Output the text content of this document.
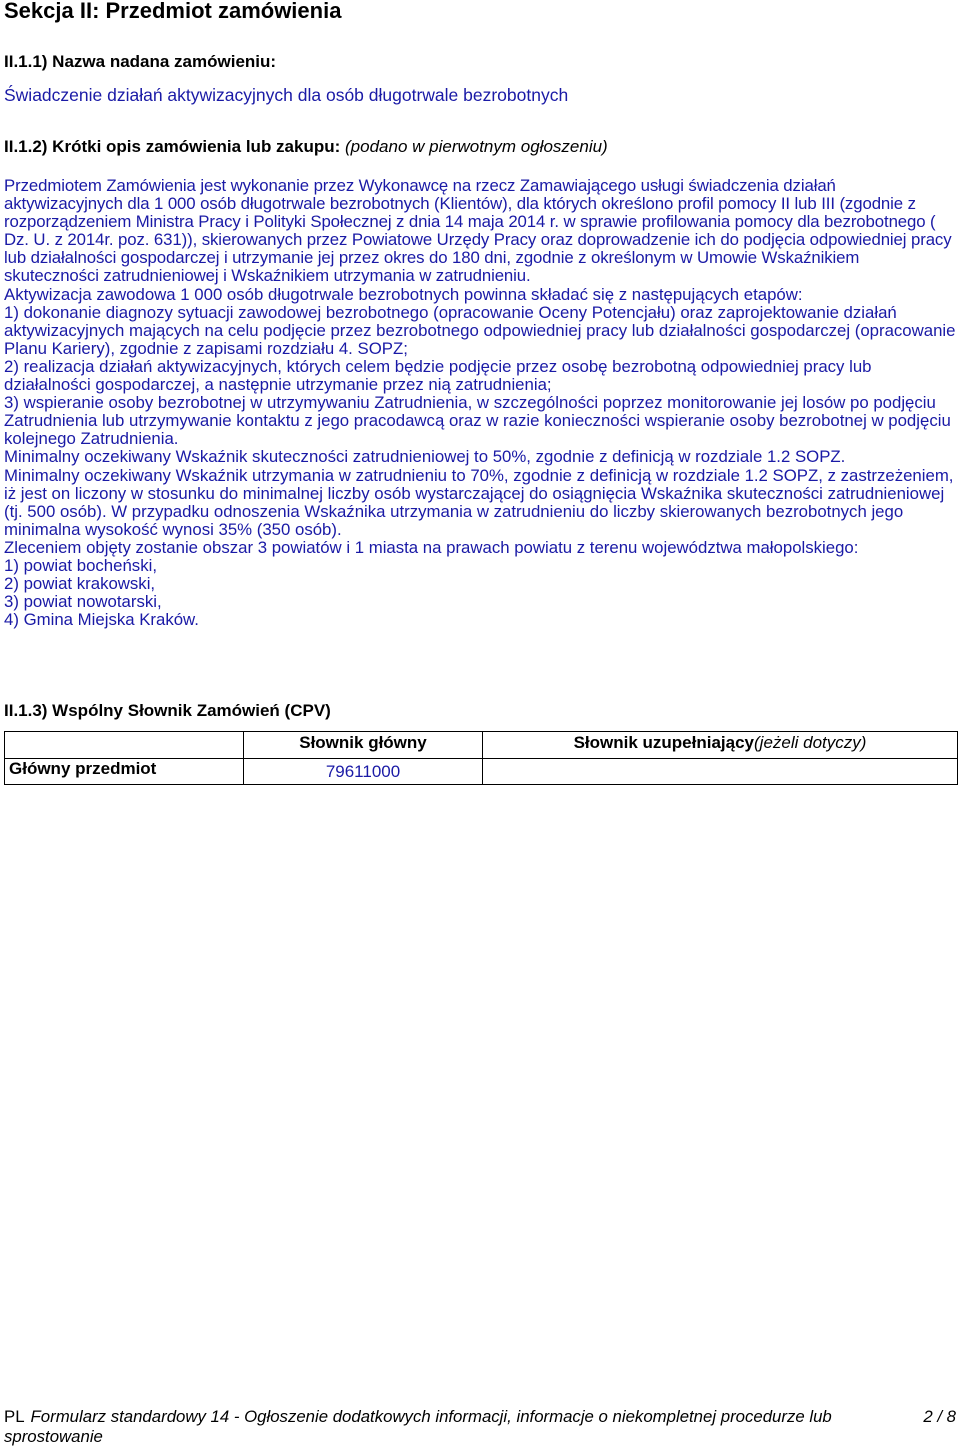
Sekcja II: Przedmiot zamówienia
II.1.1) Nazwa nadana zamówieniu:
Świadczenie działań aktywizacyjnych dla osób długotrwale bezrobotnych
II.1.2) Krótki opis zamówienia lub zakupu: (podano w pierwotnym ogłoszeniu)

Przedmiotem Zamówienia jest wykonanie przez Wykonawcę na rzecz Zamawiającego usługi świadczenia działań aktywizacyjnych dla 1 000 osób długotrwale bezrobotnych (Klientów), dla których określono profil pomocy II lub III (zgodnie z rozporządzeniem Ministra Pracy i Polityki Społecznej z dnia 14 maja 2014 r. w sprawie profilowania pomocy dla bezrobotnego ( Dz. U. z 2014r. poz. 631)), skierowanych przez Powiatowe Urzędy Pracy oraz doprowadzenie ich do podjęcia odpowiedniej pracy lub działalności gospodarczej i utrzymanie jej przez okres do 180 dni, zgodnie z określonym w Umowie Wskaźnikiem skuteczności zatrudnieniowej i Wskaźnikiem utrzymania w zatrudnieniu.

Aktywizacja zawodowa 1 000 osób długotrwale bezrobotnych powinna składać się z następujących etapów:

1) dokonanie diagnozy sytuacji zawodowej bezrobotnego (opracowanie Oceny Potencjału) oraz zaprojektowanie działań aktywizacyjnych mających na celu podjęcie przez bezrobotnego odpowiedniej pracy lub działalności gospodarczej (opracowanie Planu Kariery), zgodnie z zapisami rozdziału 4. SOPZ;

2) realizacja działań aktywizacyjnych, których celem będzie podjęcie przez osobę bezrobotną odpowiedniej pracy lub działalności gospodarczej, a następnie utrzymanie przez nią zatrudnienia;

3) wspieranie osoby bezrobotnej w utrzymywaniu Zatrudnienia, w szczególności poprzez monitorowanie jej losów po podjęciu Zatrudnienia lub utrzymywanie kontaktu z jego pracodawcą oraz w razie konieczności wspieranie osoby bezrobotnej w podjęciu kolejnego Zatrudnienia.

Minimalny oczekiwany Wskaźnik skuteczności zatrudnieniowej to 50%, zgodnie z definicją w rozdziale 1.2 SOPZ.

Minimalny oczekiwany Wskaźnik utrzymania w zatrudnieniu to 70%, zgodnie z definicją w rozdziale 1.2 SOPZ, z zastrzeżeniem, iż jest on liczony w stosunku do minimalnej liczby osób wystarczającej do osiągnięcia Wskaźnika skuteczności zatrudnieniowej (tj. 500 osób). W przypadku odnoszenia Wskaźnika utrzymania w zatrudnieniu do liczby skierowanych bezrobotnych jego minimalna wysokość wynosi 35% (350 osób).

Zleceniem objęty zostanie obszar 3 powiatów i 1 miasta na prawach powiatu z terenu województwa małopolskiego:

1) powiat bocheński,

2) powiat krakowski,

3) powiat nowotarski,

4) Gmina Miejska Kraków.

II.1.3) Wspólny Słownik Zamówień (CPV)
	Słownik główny	Słownik uzupełniający(jeżeli dotyczy)
Główny przedmiot	79611000	
PL Formularz standardowy 14 - Ogłoszenie dodatkowych informacji, informacje o niekompletnej procedurze lub sprostowanie
2 / 8
